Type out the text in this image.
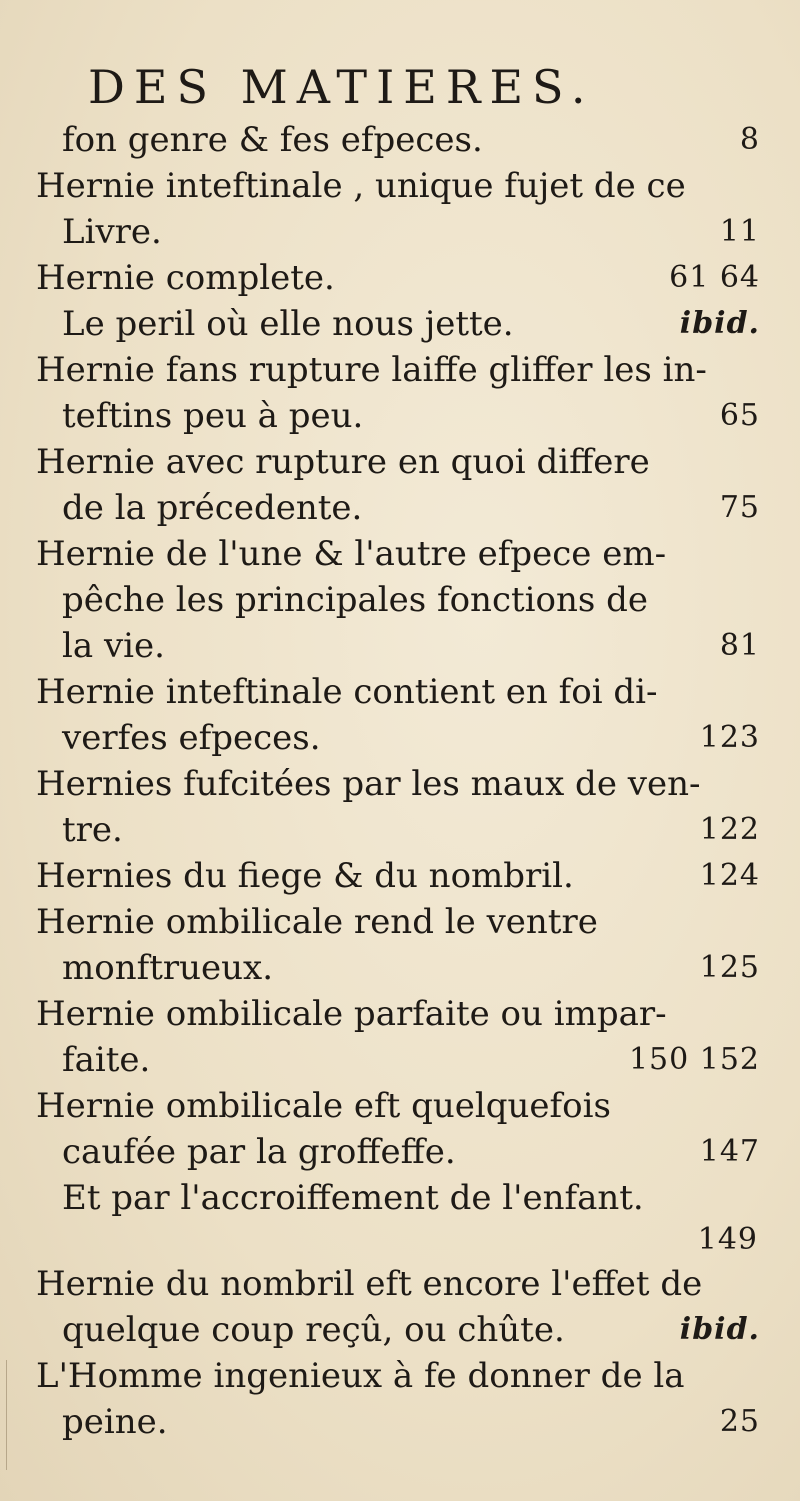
DES MATIERES.
fon genre & fes efpeces.	8
Hernie inteftinale , unique fujet de ce
Livre.	11
Hernie complete.	61 64
Le peril où elle nous jette.	ibid.
Hernie fans rupture laiffe gliffer les in-
teftins peu à peu.	65
Hernie avec rupture en quoi differe
de la précedente.	75
Hernie de l'une & l'autre efpece em-
pêche les principales fonctions de
la vie.	81
Hernie inteftinale contient en foi di-
verfes efpeces.	123
Hernies fufcitées par les maux de ven-
tre.	122
Hernies du fiege & du nombril.	124
Hernie ombilicale rend le ventre
monftrueux.	125
Hernie ombilicale parfaite ou impar-
faite.	150 152
Hernie ombilicale eft quelquefois
caufée par la groffeffe.	147
Et par l'accroiffement de l'enfant.
149
Hernie du nombril eft encore l'effet de
quelque coup reçû, ou chûte.	ibid.
L'Homme ingenieux à fe donner de la
peine.	25
